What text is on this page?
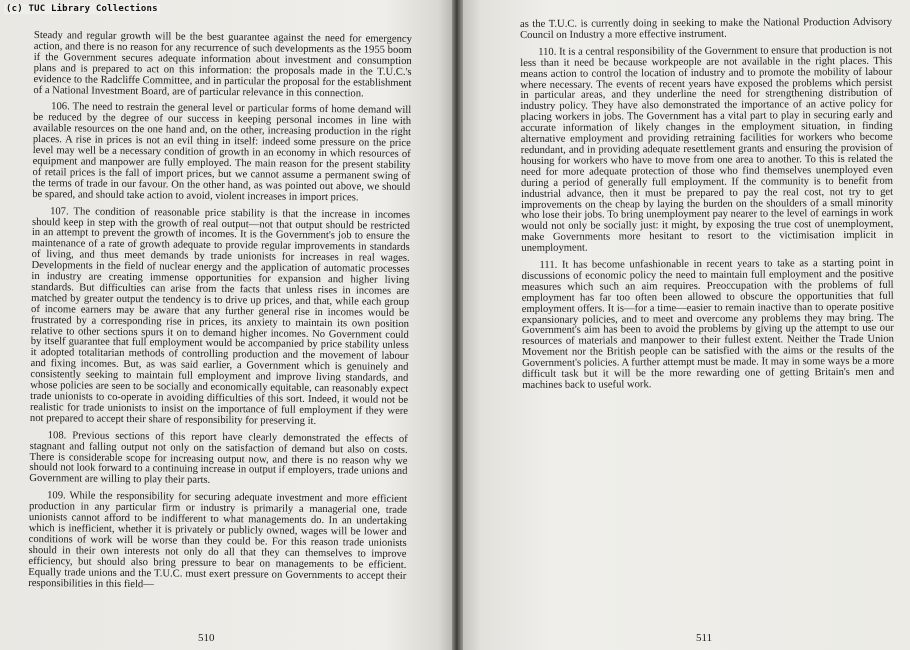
Steady and regular growth will be the best guarantee against the need for emergency action, and there is no reason for any recurrence of such developments as the 1955 boom if the Government secures adequate information about investment and consumption plans and is prepared to act on this information: the proposals made in the T.U.C.'s evidence to the Radcliffe Committee, and in particular the proposal for the establishment of a National Investment Board, are of particular relevance in this connection.

106. The need to restrain the general level or particular forms of home demand will be reduced by the degree of our success in keeping personal incomes in line with available resources on the one hand and, on the other, increasing production in the right places. A rise in prices is not an evil thing in itself: indeed some pressure on the price level may well be a necessary condition of growth in an economy in which resources of equipment and manpower are fully employed. The main reason for the present stability of retail prices is the fall of import prices, but we cannot assume a permanent swing of the terms of trade in our favour. On the other hand, as was pointed out above, we should be spared, and should take action to avoid, violent increases in import prices.

107. The condition of reasonable price stability is that the increase in incomes should keep in step with the growth of real output—not that output should be restricted in an attempt to prevent the growth of incomes. It is the Government's job to ensure the maintenance of a rate of growth adequate to provide regular improvements in standards of living, and thus meet demands by trade unionists for increases in real wages. Developments in the field of nuclear energy and the application of automatic processes in industry are creating immense opportunities for expansion and higher living standards. But difficulties can arise from the facts that unless rises in incomes are matched by greater output the tendency is to drive up prices, and that, while each group of income earners may be aware that any further general rise in incomes would be frustrated by a corresponding rise in prices, its anxiety to maintain its own position relative to other sections spurs it on to demand higher incomes. No Government could by itself guarantee that full employment would be accompanied by price stability unless it adopted totalitarian methods of controlling production and the movement of labour and fixing incomes. But, as was said earlier, a Government which is genuinely and consistently seeking to maintain full employment and improve living standards, and whose policies are seen to be socially and economically equitable, can reasonably expect trade unionists to co-operate in avoiding difficulties of this sort. Indeed, it would not be realistic for trade unionists to insist on the importance of full employment if they were not prepared to accept their share of responsibility for preserving it.

108. Previous sections of this report have clearly demonstrated the effects of stagnant and falling output not only on the satisfaction of demand but also on costs. There is considerable scope for increasing output now, and there is no reason why we should not look forward to a continuing increase in output if employers, trade unions and Government are willing to play their parts.

109. While the responsibility for securing adequate investment and more efficient production in any particular firm or industry is primarily a managerial one, trade unionists cannot afford to be indifferent to what managements do. In an undertaking which is inefficient, whether it is privately or publicly owned, wages will be lower and conditions of work will be worse than they could be. For this reason trade unionists should in their own interests not only do all that they can themselves to improve efficiency, but should also bring pressure to bear on managements to be efficient. Equally trade unions and the T.U.C. must exert pressure on Governments to accept their responsibilities in this field—

510

as the T.U.C. is currently doing in seeking to make the National Production Advisory Council on Industry a more effective instrument.

110. It is a central responsibility of the Government to ensure that production is not less than it need be because workpeople are not available in the right places. This means action to control the location of industry and to promote the mobility of labour where necessary. The events of recent years have exposed the problems which persist in particular areas, and they underline the need for strengthening distribution of industry policy. They have also demonstrated the importance of an active policy for placing workers in jobs. The Government has a vital part to play in securing early and accurate information of likely changes in the employment situation, in finding alternative employment and providing retraining facilities for workers who become redundant, and in providing adequate resettlement grants and ensuring the provision of housing for workers who have to move from one area to another. To this is related the need for more adequate protection of those who find themselves unemployed even during a period of generally full employment. If the community is to benefit from industrial advance, then it must be prepared to pay the real cost, not try to get improvements on the cheap by laying the burden on the shoulders of a small minority who lose their jobs. To bring unemployment pay nearer to the level of earnings in work would not only be socially just: it might, by exposing the true cost of unemployment, make Governments more hesitant to resort to the victimisation implicit in unemployment.

111. It has become unfashionable in recent years to take as a starting point in discussions of economic policy the need to maintain full employment and the positive measures which such an aim requires. Preoccupation with the problems of full employment has far too often been allowed to obscure the opportunities that full employment offers. It is—for a time—easier to remain inactive than to operate positive expansionary policies, and to meet and overcome any problems they may bring. The Government's aim has been to avoid the problems by giving up the attempt to use our resources of materials and manpower to their fullest extent. Neither the Trade Union Movement nor the British people can be satisfied with the aims or the results of the Government's policies. A further attempt must be made. It may in some ways be a more difficult task but it will be the more rewarding one of getting Britain's men and machines back to useful work.

511
(c) TUC Library Collections
